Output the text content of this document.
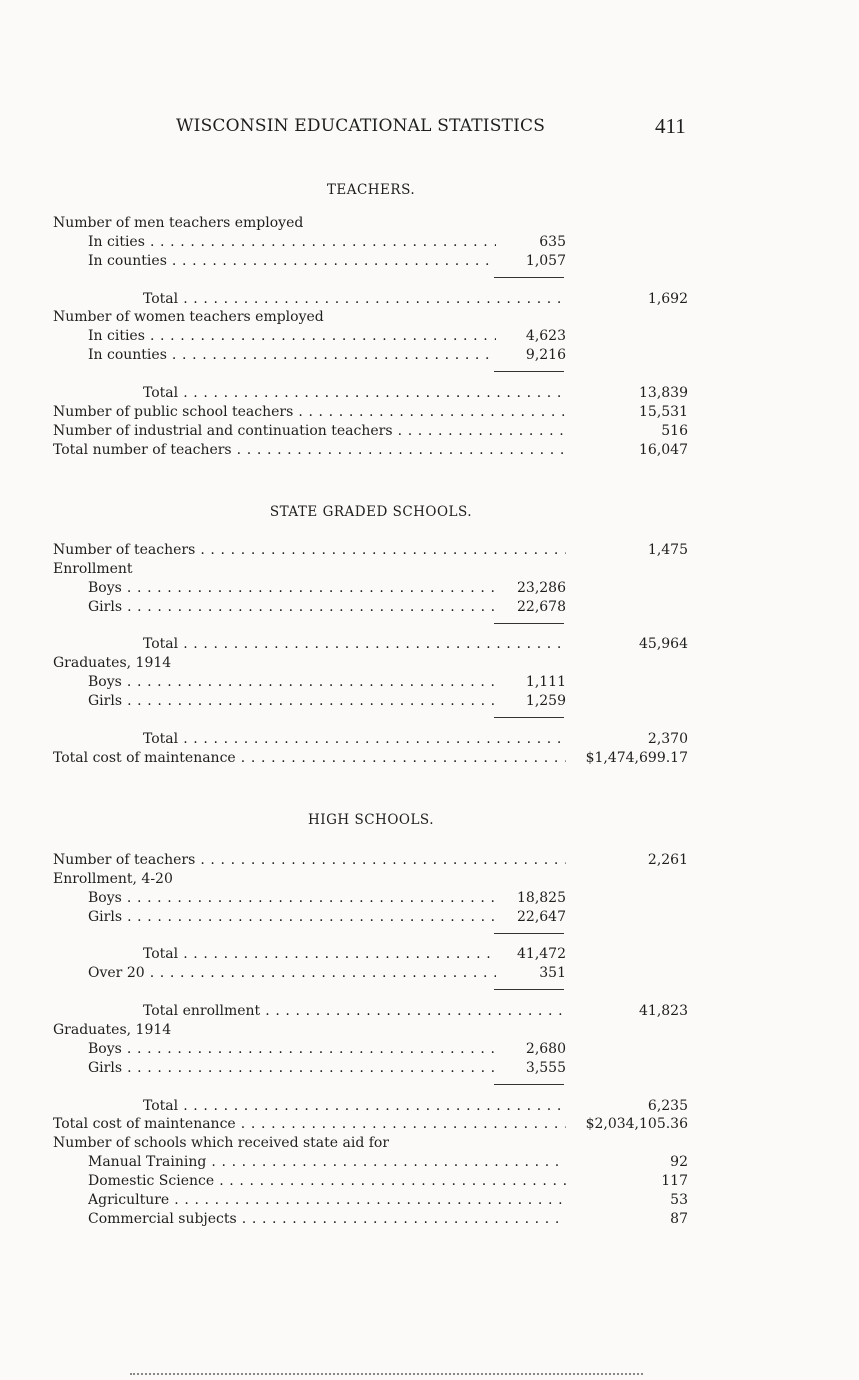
WISCONSIN EDUCATIONAL STATISTICS	411
TEACHERS.
Number of men teachers employed
In cities . . .	635
In counties . . .	1,057
Total . . .	1,692
Number of women teachers employed
In cities . . .	4,623
In counties . . .	9,216
Total . . .	13,839
Number of public school teachers . . .	15,531
Number of industrial and continuation teachers . . .	516
Total number of teachers . . .	16,047
STATE GRADED SCHOOLS.
Number of teachers . . .	1,475
Enrollment
Boys . . .	23,286
Girls . . .	22,678
Total . . .	45,964
Graduates, 1914
Boys . . .	1,111
Girls . . .	1,259
Total . . .	2,370
Total cost of maintenance . . .	$1,474,699.17
HIGH SCHOOLS.
Number of teachers . . .	2,261
Enrollment, 4-20
Boys . . .	18,825
Girls . . .	22,647
Total . . .	41,472
Over 20 . . .	351
Total enrollment . . .	41,823
Graduates, 1914
Boys . . .	2,680
Girls . . .	3,555
Total . . .	6,235
Total cost of maintenance . . .	$2,034,105.36
Number of schools which received state aid for
Manual Training . . .	92
Domestic Science . . .	117
Agriculture . . .	53
Commercial subjects . . .	87
